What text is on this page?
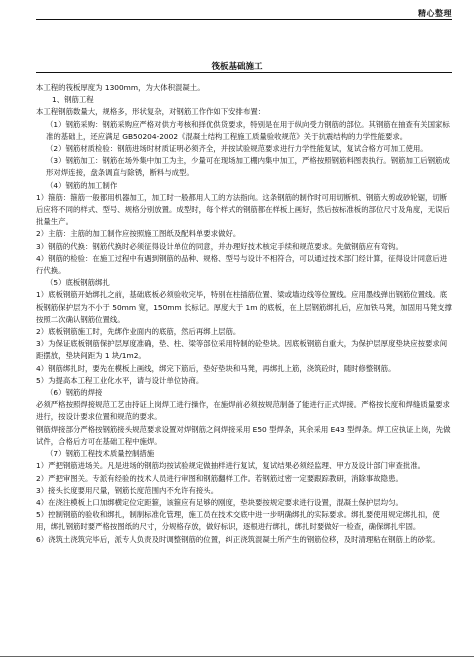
精心整理
筏板基础施工

本工程的筏板厚度为 1300mm，为大体积混凝土。

1、钢筋工程

本工程钢筋数量大，规格多，形状复杂，对钢筋工作作如下安排布置：

（1）钢筋采购：钢筋采购应严格对供方考核和择优供货要求，特别是在用于纵向受力钢筋的部位。其钢筋在抽查有关国家标准的基础上，还应满足 GB50204-2002《混凝土结构工程施工质量验收规范》关于抗震结构的力学性能要求。

（2）钢筋材质检验：钢筋进场时材质证明必须齐全，并按试验规范要求进行力学性能复试，复试合格方可加工使用。

（3）钢筋加工：钢筋在场外集中加工为主，少量可在现场加工棚内集中加工，严格按照钢筋料图表执行。钢筋加工后钢筋成形对焊连接，盘条调直与除锈，断料与成型。

（4）钢筋的加工制作

1）箍筋：箍筋一般都用机器加工，加工时一般都用人工的方法指向。这条钢筋的制作时可用切断机、钢筋大剪或砂轮锯，切断后应将不同的样式、型号、规格分别放置。成型时，每个样式的钢筋都在样板上画好，然后按标准板的部位尺寸及角度，无误后批量生产。

2）主筋：主筋的加工制作应按照施工图纸及配料单要求做好。

3）钢筋的代换：钢筋代换时必须征得设计单位的同意，并办理好技术核定手续和规范要求。先做钢筋应有弯钩。

4）钢筋的检验：在施工过程中有遇到钢筋的品种、规格、型号与设计不相符合，可以通过技术部门经计算，征得设计同意后进行代换。

（5）底板钢筋绑扎

1）底板钢筋开始绑扎之前，基础底板必须验收完毕，特别在柱插筋位置、梁或墙边线等位置线。应用墨线弹出钢筋位置线。底板钢筋保护层为不小于 50mm 宽，150mm 长标记。厚度大于 1m 的底板，在上层钢筋绑扎后，应加铁马凳，加固用马凳支撑按照二次确认钢筋位置线。

2）底板钢筋施工时，先绑作业面内的底筋，然后再绑上层筋。

3）为保证底板钢筋保护层厚度准确，垫、柱、梁等部位采用特制的砼垫块。因底板钢筋自重大，为保护层厚度垫块应按要求间距摆放，垫块间距为 1 块/1m2。

4）钢筋绑扎时，要先在模板上画线，绑完下筋后，垫好垫块和马凳，再绑扎上筋，浇筑砼时，随时修整钢筋。

5）为提高本工程工业化水平，请与设计单位协商。

（6）钢筋的焊接

必须严格按照焊接规范工艺由持证上岗焊工进行操作，在施焊前必须按规范制备了能进行正式焊接。严格按长度和焊缝质量要求进行，按设计要求位置和规范的要求。

钢筋焊接部分严格按钢筋接头规范要求设置对焊钢筋之间焊接采用 E50 型焊条，其余采用 E43 型焊条。焊工应执证上岗，先做试件，合格后方可在基础工程中施焊。

（7）钢筋工程技术质量控制措施

1）严把钢筋进场关。凡是进场的钢筋均按试验规定做抽样进行复试，复试结果必须经监理、甲方及设计部门审查批准。

2）严把审图关。专派有经验的技术人员进行审图和钢筋翻样工作。若钢筋过密一定要跟踪教研，消除事故隐患。

3）接头长度要用尺量，钢筋长度范围内不允许有接头。

4）在浇注模板上口加绑横定位定距箍，该箍应有足够的刚度，垫块要按规定要求进行设置，混凝土保护层均匀。

5）控制钢筋的验收和绑扎，制制标准化管理，施工员在技术交底中进一步明确绑扎的实际要求。绑扎要使用规定绑扎扣，使用，绑扎钢筋时要严格按图纸的尺寸，分规格存放，做好标识，逐根进行绑扎，绑扎时要做好一检查，确保绑扎牢固。

6）浇筑土浇筑完毕后，派专人负责及时调整钢筋的位置，纠正浇筑混凝土所产生的钢筋位移，及时清理粘在钢筋上的砂浆。
